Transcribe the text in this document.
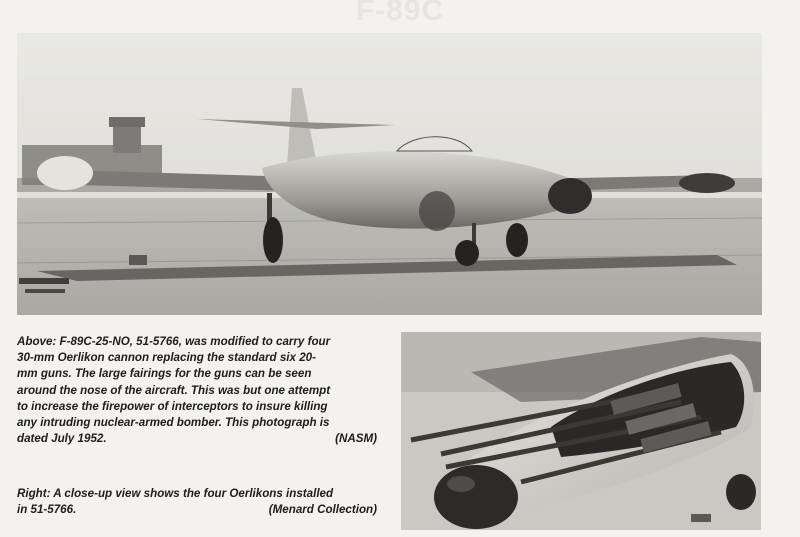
F-89C
Above: F-89C-25-NO, 51-5766, was modified to carry four
30-mm Oerlikon cannon replacing the standard six 20-
mm guns. The large fairings for the guns can be seen
around the nose of the aircraft. This was but one attempt
to increase the firepower of interceptors to insure killing
any intruding nuclear-armed bomber. This photograph is
dated July 1952.	(NASM)
Right: A close-up view shows the four Oerlikons installed
in 51-5766.	(Menard Collection)
